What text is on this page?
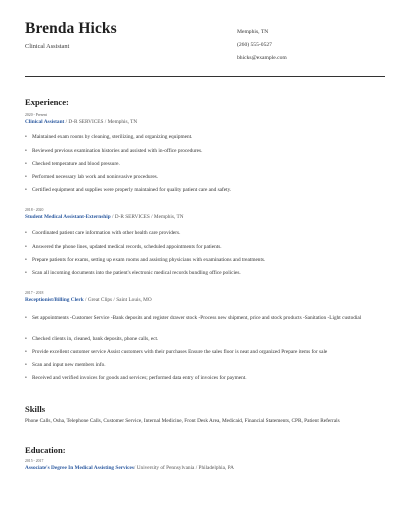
Brenda Hicks
Clinical Assistant
Memphis, TN
(260) 555-0527
bhicks@example.com
Experience:
2020 - Present
Clinical Assistant / D-R SERVICES / Memphis, TN
• Maintained exam rooms by cleaning, sterilizing, and organizing equipment.
• Reviewed previous examination histories and assisted with in-office procedures.
• Checked temperature and blood pressure.
• Performed necessary lab work and noninvasive procedures.
• Certified equipment and supplies were properly maintained for quality patient care and safety.
2018 - 2020
Student Medical Assistant-Externship / D-R SERVICES / Memphis, TN
• Coordinated patient care information with other health care providers.
• Answered the phone lines, updated medical records, scheduled appointments for patients.
• Prepare patients for exams, setting up exam rooms and assisting physicians with examinations and treatments.
• Scan all incoming documents into the patient's electronic medical records bundling office policies.
2017 - 2018
Receptionist/Billing Clerk / Great Clips / Saint Louis, MO
• Set appointments -Customer Service -Bank deposits and register drawer stock -Process new shipment, price and stock products -Sanitation -Light custodial
• Checked clients in, cleaned, bank deposits, phone calls, ect.
• Provide excellent customer service Assist customers with their purchases Ensure the sales floor is neat and organized Prepare items for sale
• Scan and input new members info.
• Received and verified invoices for goods and services; performed data entry of invoices for payment.
Skills
Phone Calls, Osha, Telephone Calls, Customer Service, Internal Medicine, Front Desk Area, Medicaid, Financial Statements, CPR, Patient Referrals
Education:
2015 - 2017
Associate's Degree In Medical Assisting Services/ University of Pennsylvania / Philadelphia, PA
